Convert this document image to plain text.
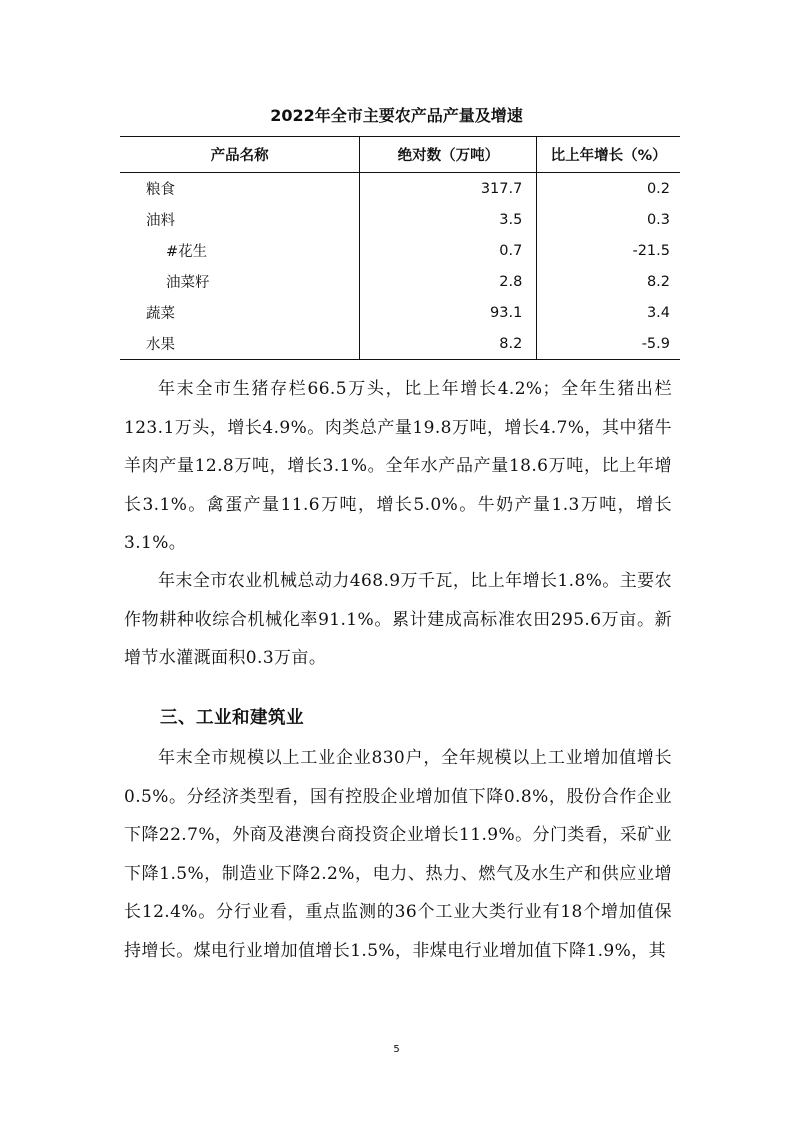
2022年全市主要农产品产量及增速
产品名称	绝对数（万吨）	比上年增长（%）
粮食	317.7	0.2
油料	3.5	0.3
#花生	0.7	-21.5
油菜籽	2.8	8.2
蔬菜	93.1	3.4
水果	8.2	-5.9

年末全市生猪存栏66.5万头，比上年增长4.2%；全年生猪出栏123.1万头，增长4.9%。肉类总产量19.8万吨，增长4.7%，其中猪牛羊肉产量12.8万吨，增长3.1%。全年水产品产量18.6万吨，比上年增长3.1%。禽蛋产量11.6万吨，增长5.0%。牛奶产量1.3万吨，增长3.1%。

年末全市农业机械总动力468.9万千瓦，比上年增长1.8%。主要农作物耕种收综合机械化率91.1%。累计建成高标准农田295.6万亩。新增节水灌溉面积0.3万亩。

三、工业和建筑业

年末全市规模以上工业企业830户，全年规模以上工业增加值增长0.5%。分经济类型看，国有控股企业增加值下降0.8%，股份合作企业下降22.7%，外商及港澳台商投资企业增长11.9%。分门类看，采矿业下降1.5%，制造业下降2.2%，电力、热力、燃气及水生产和供应业增长12.4%。分行业看，重点监测的36个工业大类行业有18个增加值保持增长。煤电行业增加值增长1.5%，非煤电行业增加值下降1.9%，其

5
